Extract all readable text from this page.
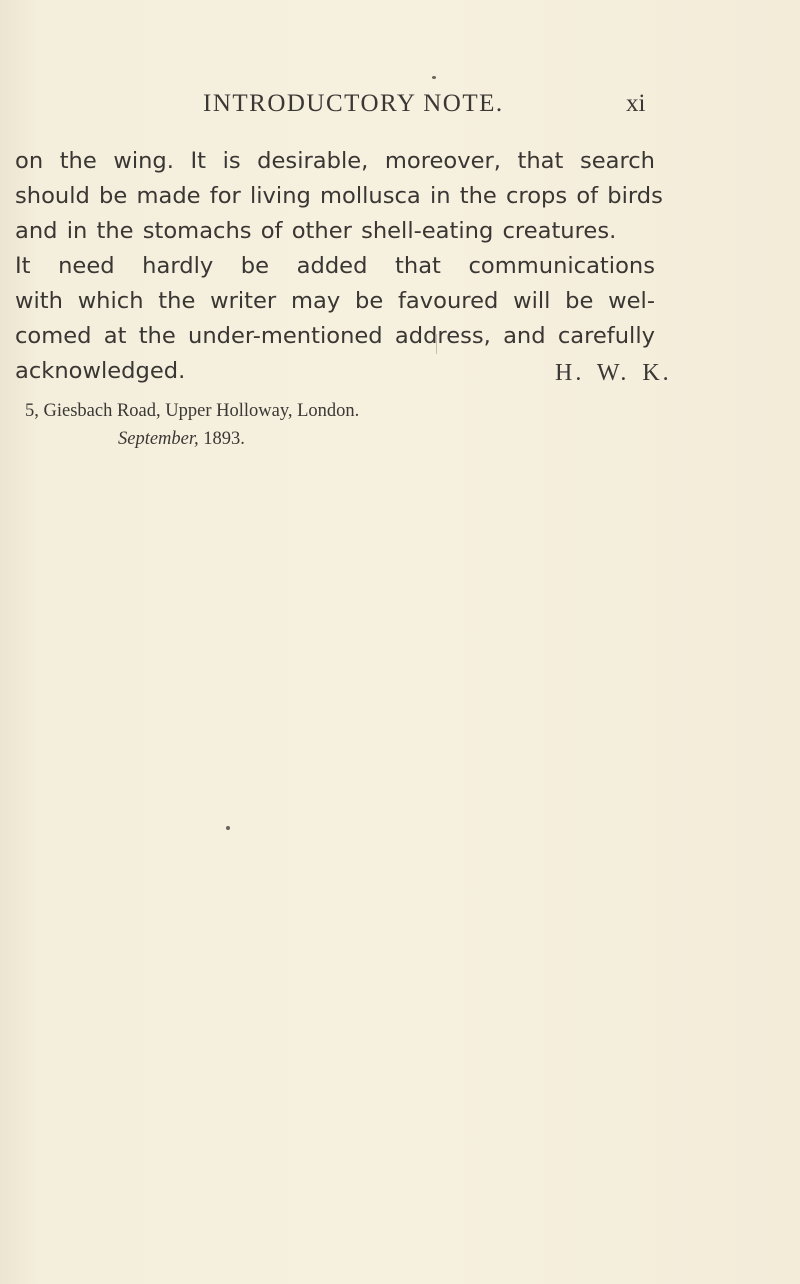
INTRODUCTORY NOTE.	xi
on the wing. It is desirable, moreover, that search
should be made for living mollusca in the crops of birds
and in the stomachs of other shell-eating creatures.
It need hardly be added that communications
with which the writer may be favoured will be wel-
comed at the under-mentioned address, and carefully
acknowledged.	H. W. K.
5, Giesbach Road, Upper Holloway, London.
September, 1893.
